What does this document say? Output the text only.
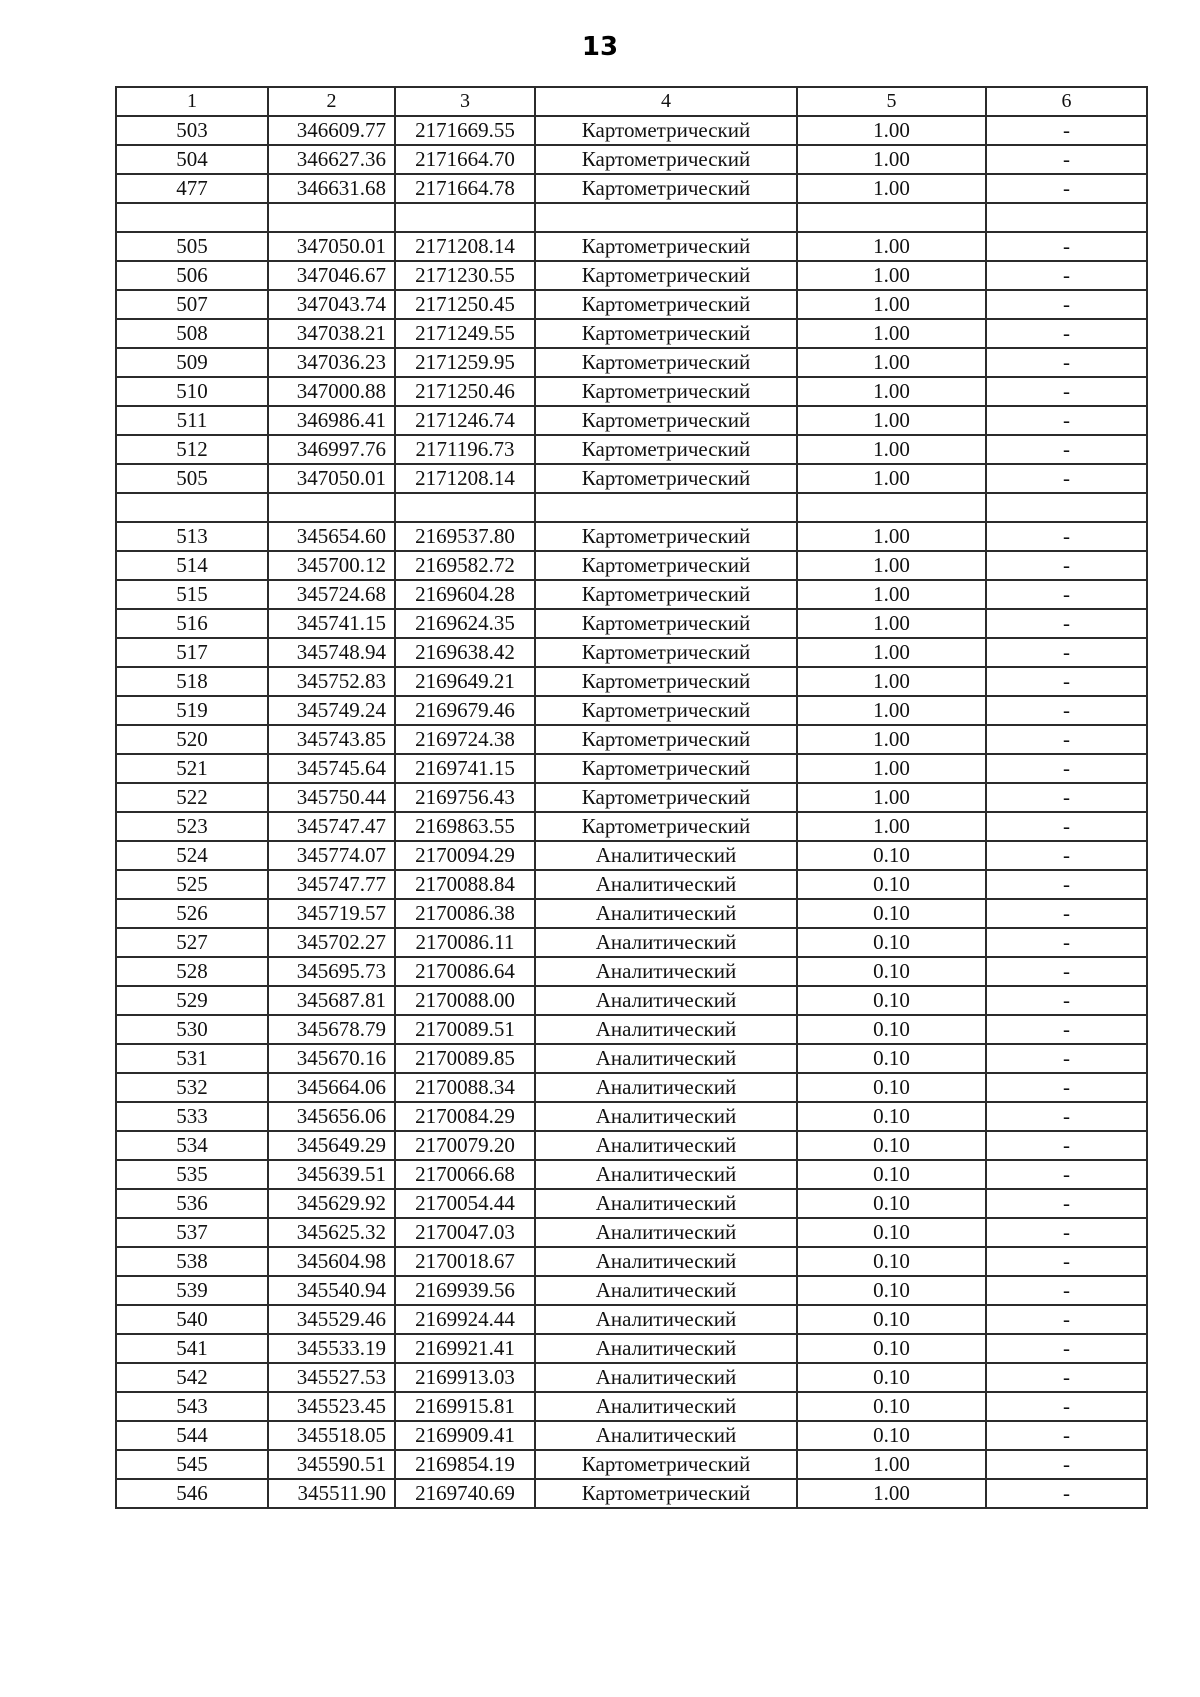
13
1	2	3	4	5	6
503	346609.77	2171669.55	Картометрический	1.00	-
504	346627.36	2171664.70	Картометрический	1.00	-
477	346631.68	2171664.78	Картометрический	1.00	-

505	347050.01	2171208.14	Картометрический	1.00	-
506	347046.67	2171230.55	Картометрический	1.00	-
507	347043.74	2171250.45	Картометрический	1.00	-
508	347038.21	2171249.55	Картометрический	1.00	-
509	347036.23	2171259.95	Картометрический	1.00	-
510	347000.88	2171250.46	Картометрический	1.00	-
511	346986.41	2171246.74	Картометрический	1.00	-
512	346997.76	2171196.73	Картометрический	1.00	-
505	347050.01	2171208.14	Картометрический	1.00	-

513	345654.60	2169537.80	Картометрический	1.00	-
514	345700.12	2169582.72	Картометрический	1.00	-
515	345724.68	2169604.28	Картометрический	1.00	-
516	345741.15	2169624.35	Картометрический	1.00	-
517	345748.94	2169638.42	Картометрический	1.00	-
518	345752.83	2169649.21	Картометрический	1.00	-
519	345749.24	2169679.46	Картометрический	1.00	-
520	345743.85	2169724.38	Картометрический	1.00	-
521	345745.64	2169741.15	Картометрический	1.00	-
522	345750.44	2169756.43	Картометрический	1.00	-
523	345747.47	2169863.55	Картометрический	1.00	-
524	345774.07	2170094.29	Аналитический	0.10	-
525	345747.77	2170088.84	Аналитический	0.10	-
526	345719.57	2170086.38	Аналитический	0.10	-
527	345702.27	2170086.11	Аналитический	0.10	-
528	345695.73	2170086.64	Аналитический	0.10	-
529	345687.81	2170088.00	Аналитический	0.10	-
530	345678.79	2170089.51	Аналитический	0.10	-
531	345670.16	2170089.85	Аналитический	0.10	-
532	345664.06	2170088.34	Аналитический	0.10	-
533	345656.06	2170084.29	Аналитический	0.10	-
534	345649.29	2170079.20	Аналитический	0.10	-
535	345639.51	2170066.68	Аналитический	0.10	-
536	345629.92	2170054.44	Аналитический	0.10	-
537	345625.32	2170047.03	Аналитический	0.10	-
538	345604.98	2170018.67	Аналитический	0.10	-
539	345540.94	2169939.56	Аналитический	0.10	-
540	345529.46	2169924.44	Аналитический	0.10	-
541	345533.19	2169921.41	Аналитический	0.10	-
542	345527.53	2169913.03	Аналитический	0.10	-
543	345523.45	2169915.81	Аналитический	0.10	-
544	345518.05	2169909.41	Аналитический	0.10	-
545	345590.51	2169854.19	Картометрический	1.00	-
546	345511.90	2169740.69	Картометрический	1.00	-
